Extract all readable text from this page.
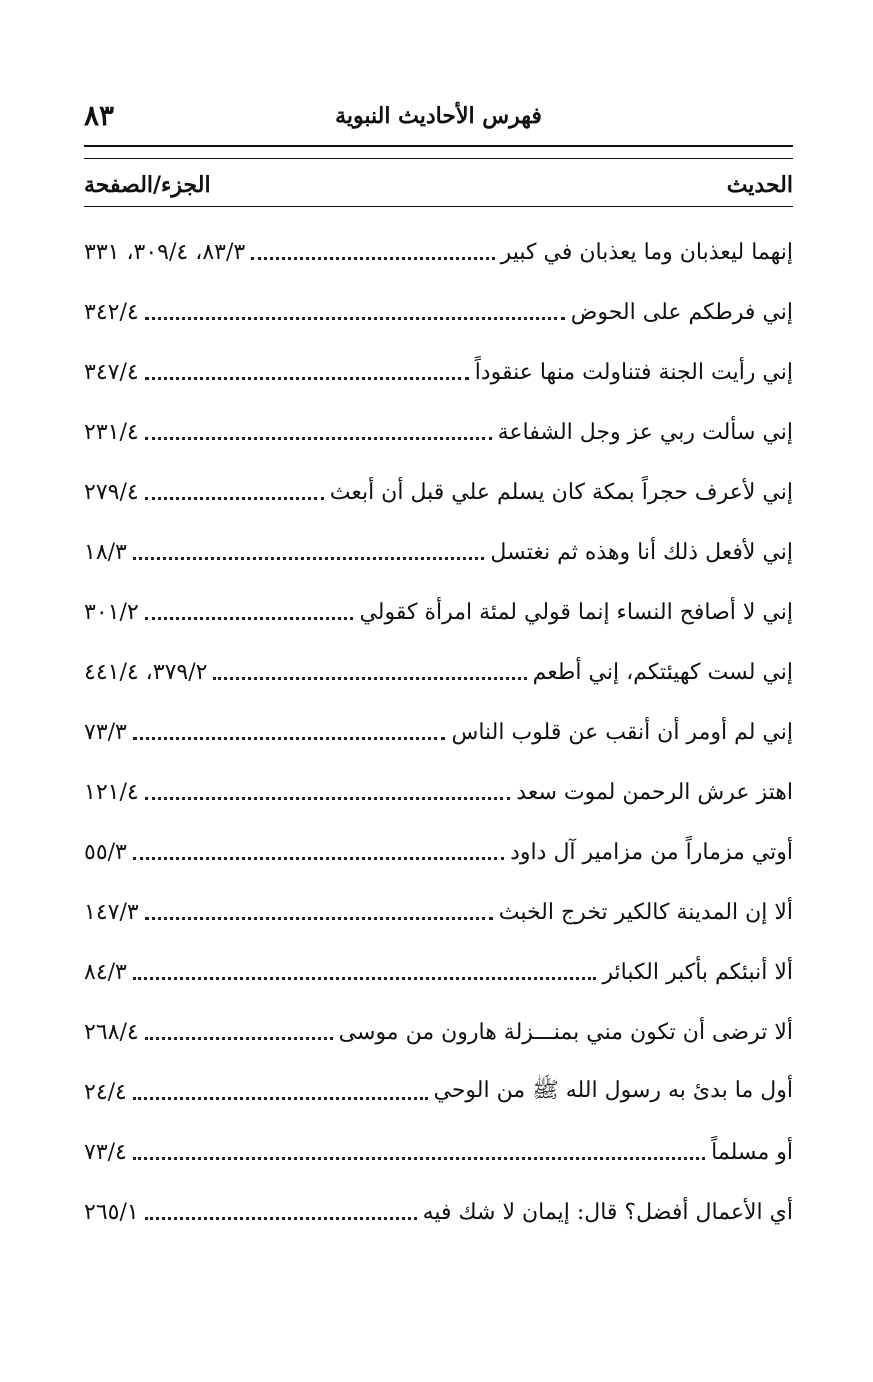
فهرس الأحاديث النبوية
٨٣
الحديث
الجزء/الصفحة
إنهما ليعذبان وما يعذبان في كبير
٨٣/٣، ٣٠٩/٤، ٣٣١
إني فرطكم على الحوض
٣٤٢/٤
إني رأيت الجنة فتناولت منها عنقوداً
٣٤٧/٤
إني سألت ربي عز وجل الشفاعة
٢٣١/٤
إني لأعرف حجراً بمكة كان يسلم علي قبل أن أبعث
٢٧٩/٤
إني لأفعل ذلك أنا وهذه ثم نغتسل
١٨/٣
إني لا أصافح النساء إنما قولي لمئة امرأة كقولي
٣٠١/٢
إني لست كهيئتكم، إني أطعم
٣٧٩/٢، ٤٤١/٤
إني لم أومر أن أنقب عن قلوب الناس
٧٣/٣
اهتز عرش الرحمن لموت سعد
١٢١/٤
أوتي مزماراً من مزامير آل داود
٥٥/٣
ألا إن المدينة كالكير تخرج الخبث
١٤٧/٣
ألا أنبئكم بأكبر الكبائر
٨٤/٣
ألا ترضى أن تكون مني بمنـــزلة هارون من موسى
٢٦٨/٤
أول ما بدئ به رسول الله ﷺ من الوحي
٢٤/٤
أو مسلماً
٧٣/٤
أي الأعمال أفضل؟ قال: إيمان لا شك فيه
٢٦٥/١
